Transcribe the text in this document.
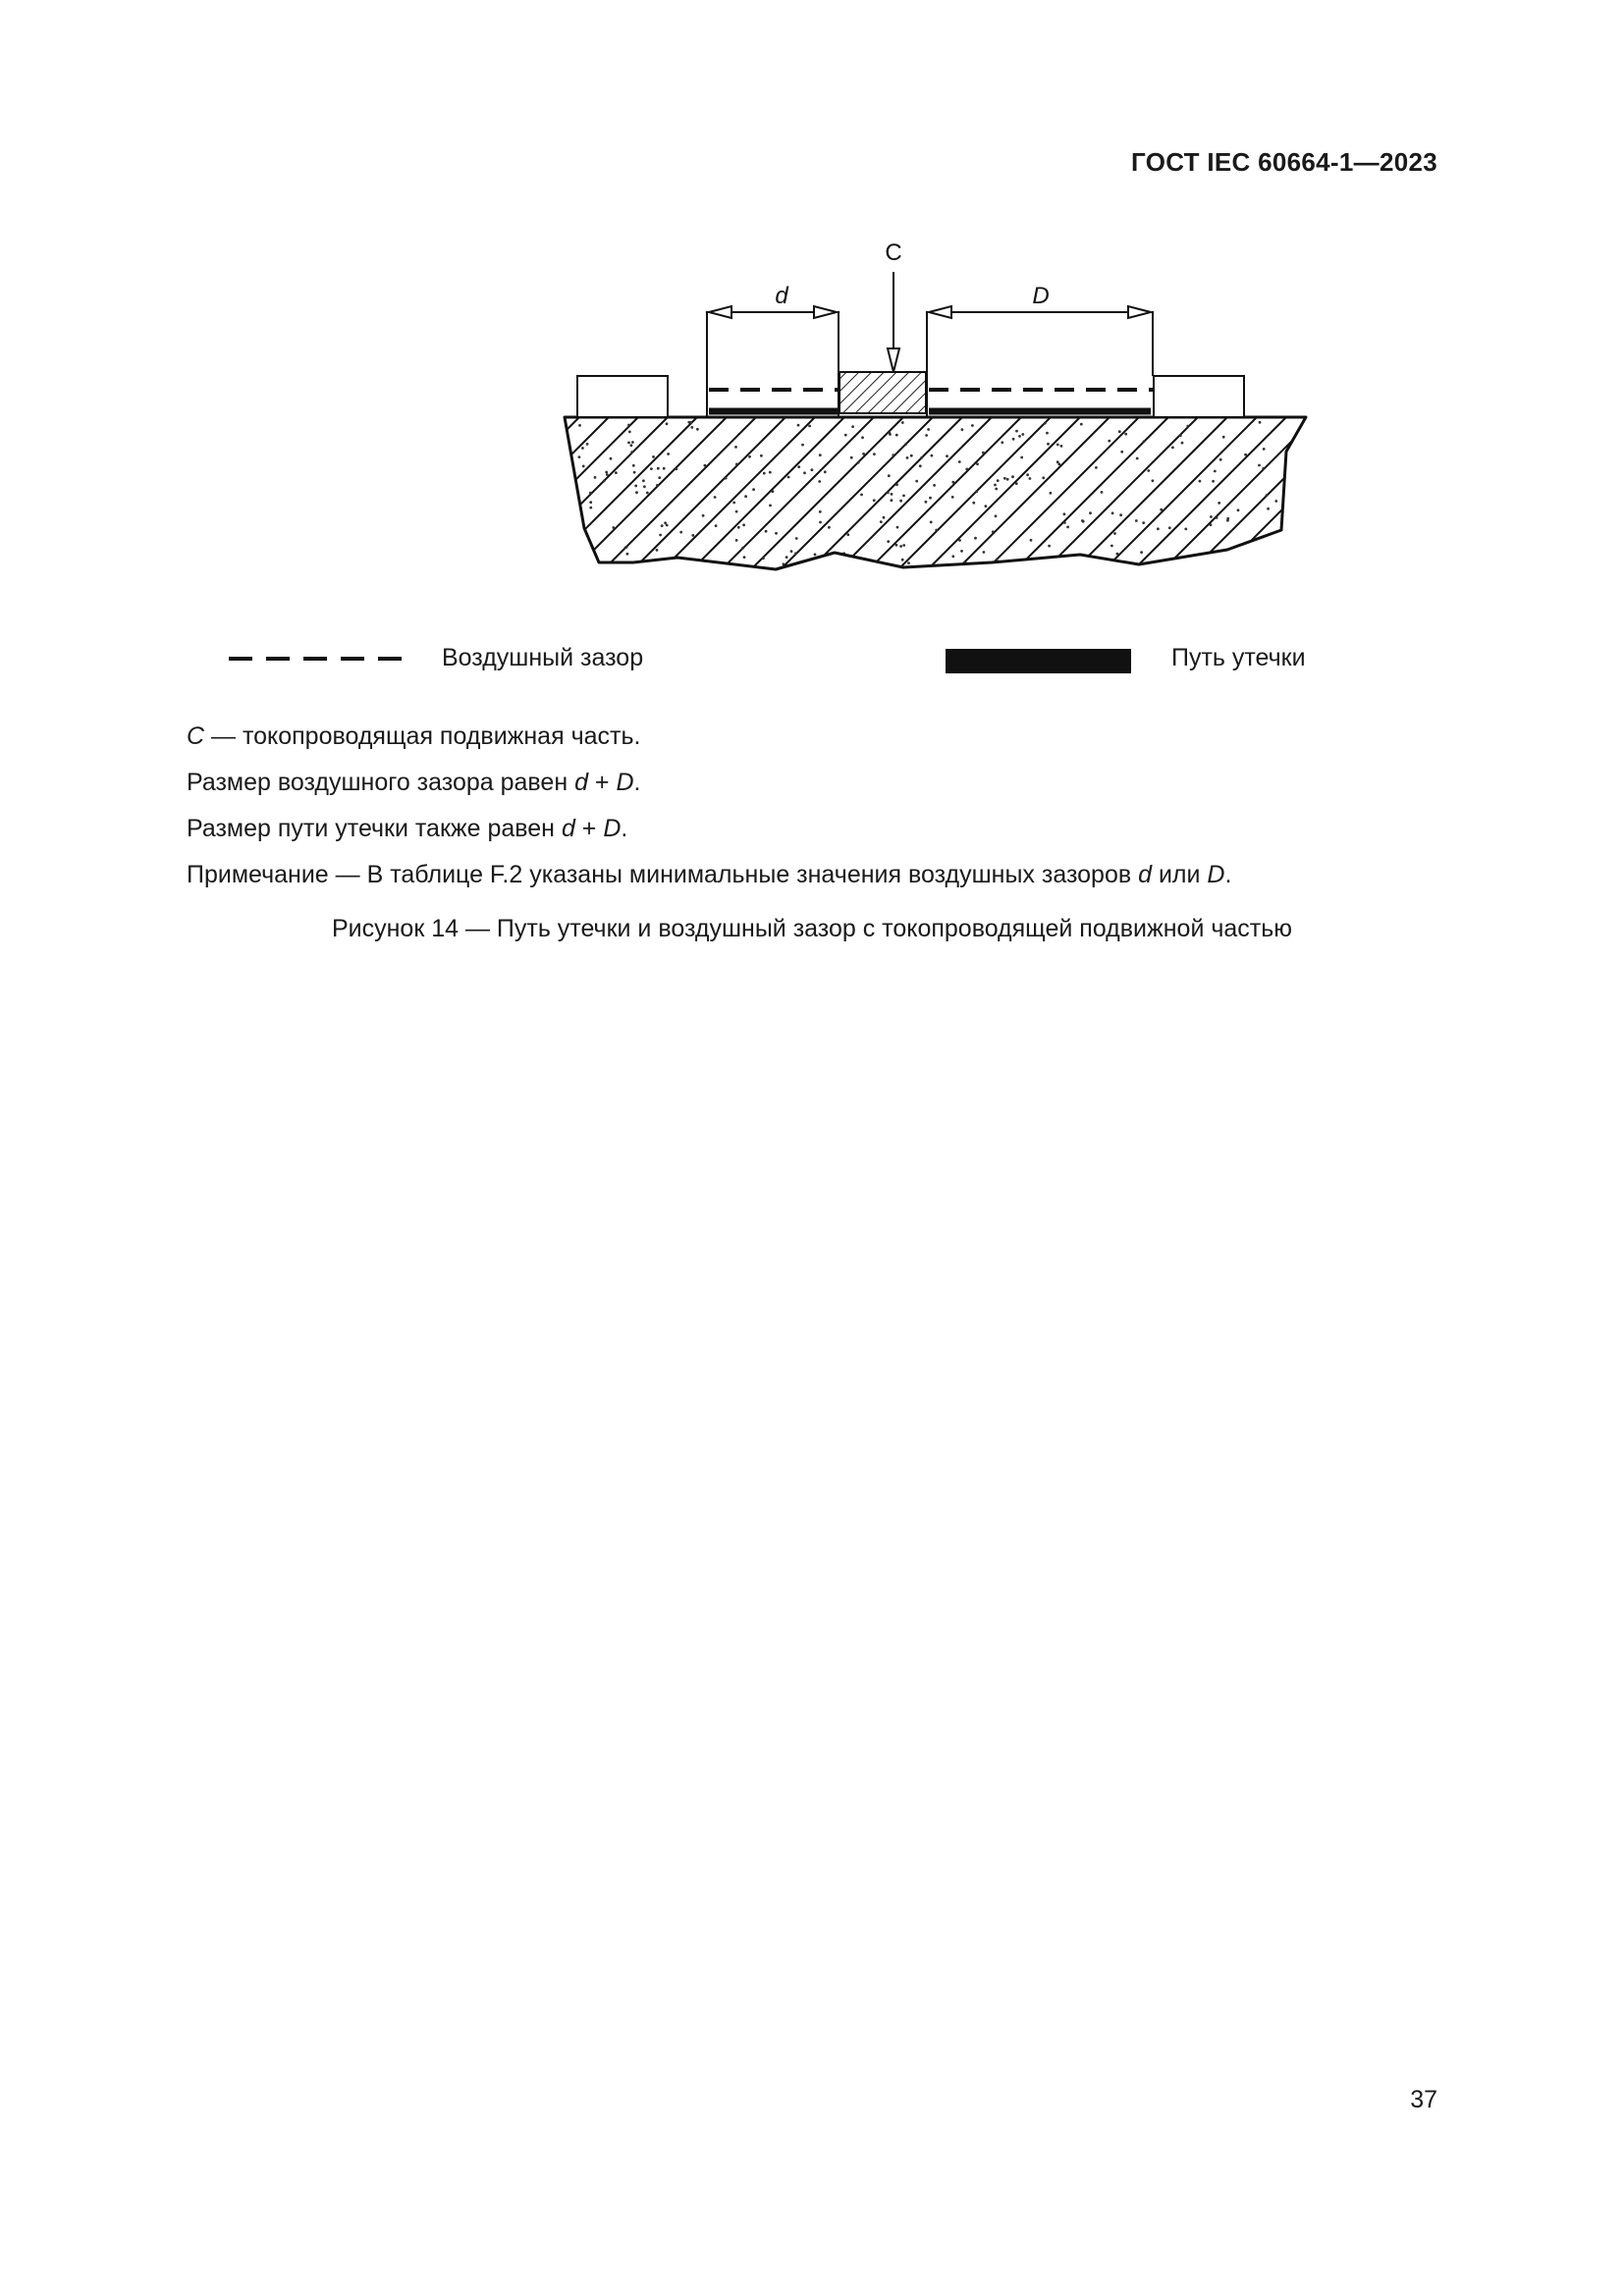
ГОСТ IEC 60664-1—2023
d	D
C
Воздушный зазор	Путь утечки
C — токопроводящая подвижная часть.
Размер воздушного зазора равен d + D.
Размер пути утечки также равен d + D.
Примечание — В таблице F.2 указаны минимальные значения воздушных зазоров d или D.
Рисунок 14 — Путь утечки и воздушный зазор с токопроводящей подвижной частью
37
